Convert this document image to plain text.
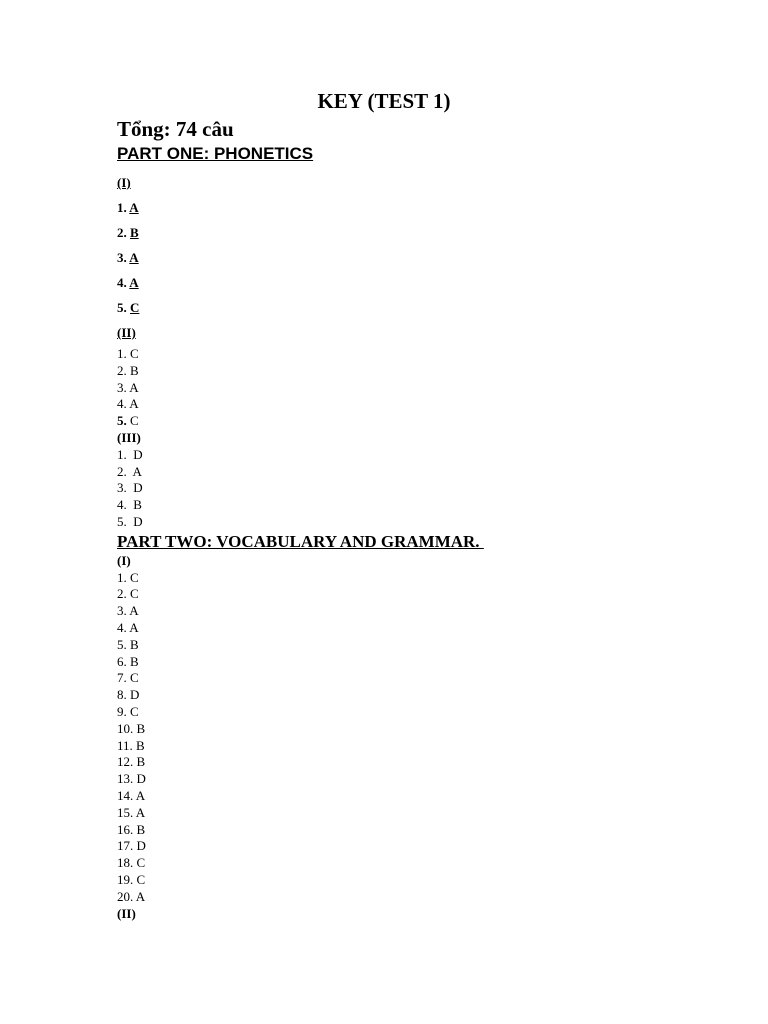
KEY (TEST 1)

Tổng: 74 câu

PART ONE: PHONETICS

(I)

1. A

2. B

3. A

4. A

5. C

(II)

1. C

2. B

3. A

4. A

5. C

(III)

1. D

2. A

3. D

4. B

5. D

PART TWO: VOCABULARY AND GRAMMAR.

(I)

1. C

2. C

3. A

4. A

5. B

6. B

7. C

8. D

9. C

10. B

11. B

12. B

13. D

14. A

15. A

16. B

17. D

18. C

19. C

20. A

(II)
